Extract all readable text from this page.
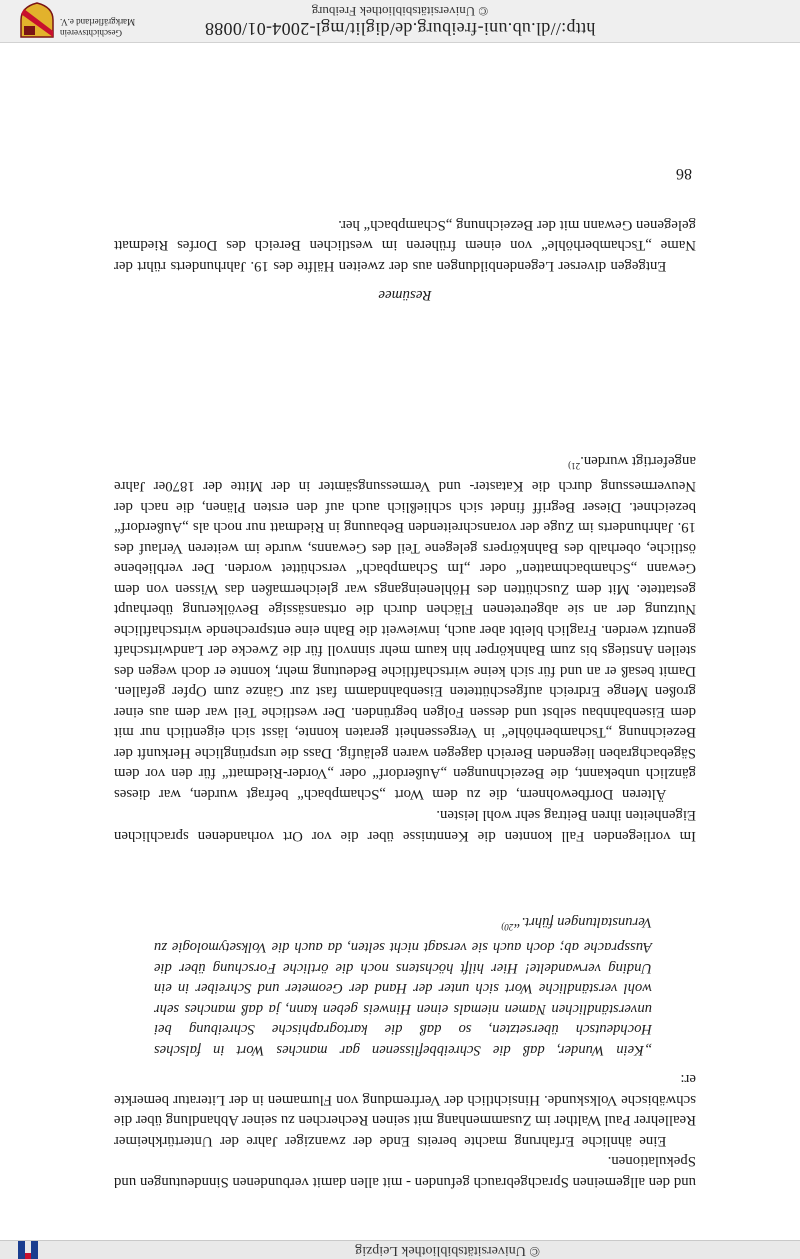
© Universitätsbibliothek Leipzig
86

und den allgemeinen Sprachgebrauch gefunden - mit allen damit verbundenen Sinndeutungen und Spekulationen.

Eine ähnliche Erfahrung machte bereits Ende der zwanziger Jahre der Untertürkheimer Reallehrer Paul Walther im Zusammenhang mit seinen Recherchen zu seiner Abhandlung über die schwäbische Volkskunde. Hinsichtlich der Verfremdung von Flurnamen in der Literatur bemerkte er:

„Kein Wunder, daß die Schreibbeflissenen gar manches Wort in falsches Hochdeutsch übersetzten, so daß die kartographische Schreibung bei unverständlichen Namen niemals einen Hinweis geben kann, ja daß manches sehr wohl verständliche Wort sich unter der Hand der Geometer und Schreiber in ein Unding verwandelte! Hier hilft höchstens noch die örtliche Forschung über die Aussprache ab; doch auch sie versagt nicht selten, da auch die Volksetymologie zu Verunstaltungen führt.“$^{20)}$

Im vorliegenden Fall konnten die Kenntnisse über die vor Ort vorhandenen sprachlichen Eigenheiten ihren Beitrag sehr wohl leisten.

Älteren Dorfbewohnern, die zu dem Wort „Schampbach“ befragt wurden, war dieses gänzlich unbekannt, die Bezeichnungen „Außerdorf“ oder „Vorder-Riedmatt“ für den vor dem Sägebachgraben liegenden Bereich dagegen waren geläufig. Dass die ursprüngliche Herkunft der Bezeichnung „Tschamberhöhle“ in Vergessenheit geraten konnte, lässt sich eigentlich nur mit dem Eisenbahnbau selbst und dessen Folgen begründen. Der westliche Teil war dem aus einer großen Menge Erdreich aufgeschütteten Eisenbahndamm fast zur Gänze zum Opfer gefallen. Damit besaß er an und für sich keine wirtschaftliche Bedeutung mehr, konnte er doch wegen des steilen Anstiegs bis zum Bahnkörper hin kaum mehr sinnvoll für die Zwecke der Landwirtschaft genutzt werden. Fraglich bleibt aber auch, inwieweit die Bahn eine entsprechende wirtschaftliche Nutzung der an sie abgetretenen Flächen durch die ortsansässige Bevölkerung überhaupt gestattete. Mit dem Zuschütten des Höhleneingangs war gleichermaßen das Wissen von dem Gewann „Schambachmatten“ oder „Im Schampbach“ verschüttet worden. Der verbliebene östliche, oberhalb des Bahnkörpers gelegene Teil des Gewanns, wurde im weiteren Verlauf des 19. Jahrhunderts im Zuge der voranschreitenden Bebauung in Riedmatt nur noch als „Außerdorf“ bezeichnet. Dieser Begriff findet sich schließlich auch auf den ersten Plänen, die nach der Neuvermessung durch die Kataster- und Vermessungsämter in der Mitte der 1870er Jahre angefertigt wurden.$^{21)}$

Resümee

Entgegen diverser Legendenbildungen aus der zweiten Hälfte des 19. Jahrhunderts rührt der Name „Tschamberhöhle“ von einem früheren im westlichen Bereich des Dorfes Riedmatt gelegenen Gewann mit der Bezeichnung „Schampbach“ her.

http://dl.ub.uni-freiburg.de/diglit/mgl-2004-01/0088
© Universitätsbibliothek Freiburg
Geschichtsverein Markgräflerland e.V.
